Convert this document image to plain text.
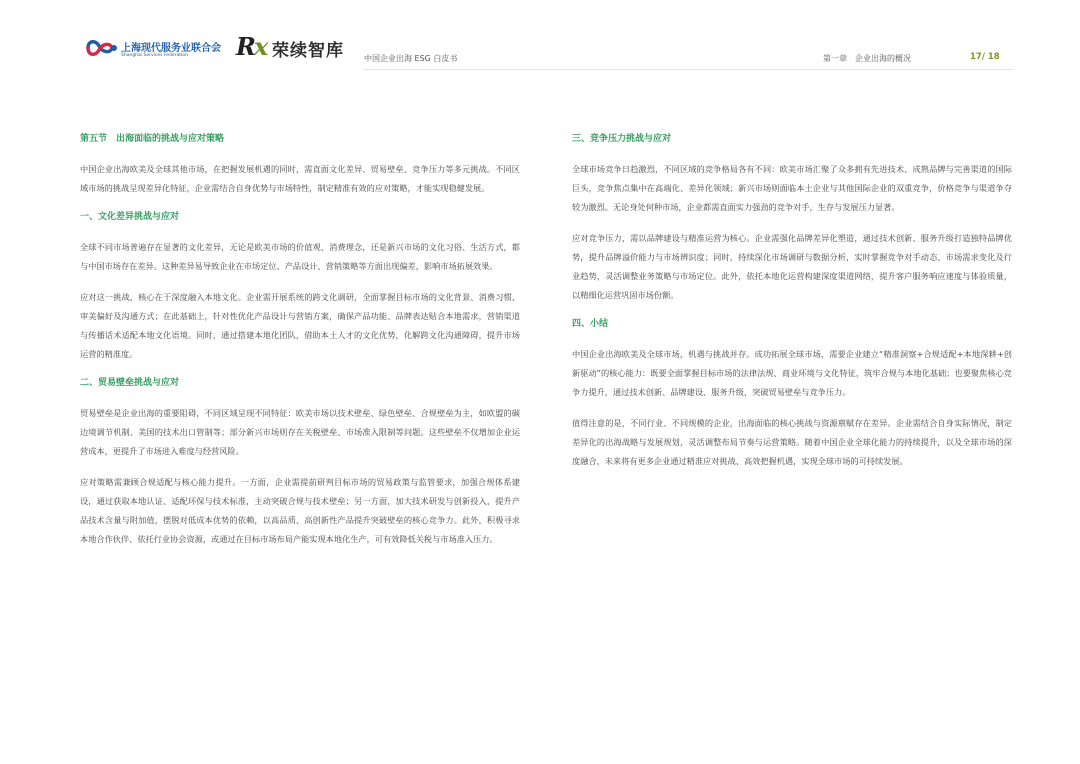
上海现代服务业联合会
Shanghai Services Federation Rx 荣续智库	中国企业出海 ESG 白皮书	第一章　企业出海的概况	17/ 18
第五节　出海面临的挑战与应对策略

中国企业出海欧美及全球其他市场，在把握发展机遇的同时，需直面文化差异、贸易壁垒、竞争压力等多元挑战。不同区域市场的挑战呈现差异化特征，企业需结合自身优势与市场特性，制定精准有效的应对策略，才能实现稳健发展。

一、文化差异挑战与应对

全球不同市场普遍存在显著的文化差异，无论是欧美市场的价值观、消费理念，还是新兴市场的文化习俗、生活方式，都与中国市场存在差异。这种差异易导致企业在市场定位、产品设计、营销策略等方面出现偏差，影响市场拓展效果。

应对这一挑战，核心在于深度融入本地文化。企业需开展系统的跨文化调研，全面掌握目标市场的文化背景、消费习惯、审美偏好及沟通方式；在此基础上，针对性优化产品设计与营销方案，确保产品功能、品牌表达贴合本地需求，营销渠道与传播话术适配本地文化语境。同时，通过搭建本地化团队，借助本土人才的文化优势，化解跨文化沟通障碍，提升市场运营的精准度。

二、贸易壁垒挑战与应对

贸易壁垒是企业出海的重要阻碍，不同区域呈现不同特征：欧美市场以技术壁垒、绿色壁垒、合规壁垒为主，如欧盟的碳边境调节机制、美国的技术出口管制等；部分新兴市场则存在关税壁垒、市场准入限制等问题。这些壁垒不仅增加企业运营成本，更提升了市场进入难度与经营风险。

应对策略需兼顾合规适配与核心能力提升。一方面，企业需提前研判目标市场的贸易政策与监管要求，加强合规体系建设，通过获取本地认证、适配环保与技术标准，主动突破合规与技术壁垒；另一方面，加大技术研发与创新投入，提升产品技术含量与附加值，摆脱对低成本优势的依赖，以高品质、高创新性产品提升突破壁垒的核心竞争力。此外，积极寻求本地合作伙伴、依托行业协会资源，或通过在目标市场布局产能实现本地化生产，可有效降低关税与市场准入压力。

三、竞争压力挑战与应对

全球市场竞争日趋激烈，不同区域的竞争格局各有不同：欧美市场汇聚了众多拥有先进技术、成熟品牌与完善渠道的国际巨头，竞争焦点集中在高端化、差异化领域；新兴市场则面临本土企业与其他国际企业的双重竞争，价格竞争与渠道争夺较为激烈。无论身处何种市场，企业都需直面实力强劲的竞争对手，生存与发展压力显著。

应对竞争压力，需以品牌建设与精准运营为核心。企业需强化品牌差异化塑造，通过技术创新、服务升级打造独特品牌优势，提升品牌溢价能力与市场辨识度；同时，持续深化市场调研与数据分析，实时掌握竞争对手动态、市场需求变化及行业趋势，灵活调整业务策略与市场定位。此外，依托本地化运营构建深度渠道网络，提升客户服务响应速度与体验质量，以精细化运营巩固市场份额。

四、小结

中国企业出海欧美及全球市场，机遇与挑战并存。成功拓展全球市场，需要企业建立“精准洞察+合规适配+本地深耕+创新驱动”的核心能力：既要全面掌握目标市场的法律法规、商业环境与文化特征，筑牢合规与本地化基础；也要聚焦核心竞争力提升，通过技术创新、品牌建设、服务升级，突破贸易壁垒与竞争压力。

值得注意的是，不同行业、不同规模的企业，出海面临的核心挑战与资源禀赋存在差异。企业需结合自身实际情况，制定差异化的出海战略与发展规划，灵活调整布局节奏与运营策略。随着中国企业全球化能力的持续提升，以及全球市场的深度融合，未来将有更多企业通过精准应对挑战、高效把握机遇，实现全球市场的可持续发展。
